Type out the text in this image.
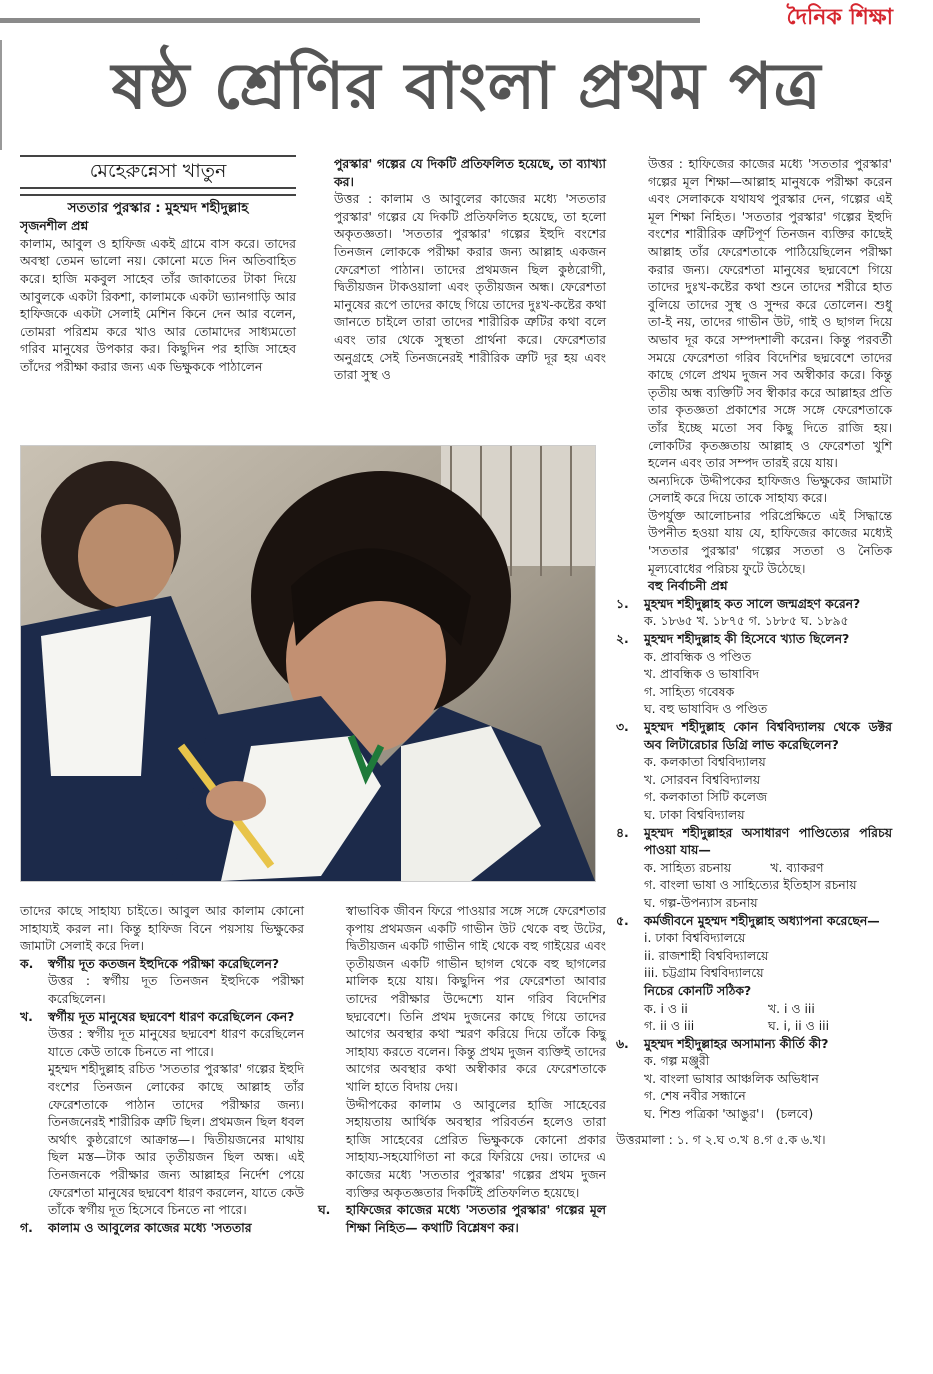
দৈনিক শিক্ষা
ষষ্ঠ শ্রেণির বাংলা প্রথম পত্র
মেহেরুন্নেসা খাতুন

সততার পুরস্কার : মুহম্মদ শহীদুল্লাহ

সৃজনশীল প্রশ্ন

কালাম, আবুল ও হাফিজ একই গ্রামে বাস করে। তাদের অবস্থা তেমন ভালো নয়। কোনো মতে দিন অতিবাহিত করে। হাজি মকবুল সাহেব তাঁর জাকাতের টাকা দিয়ে আবুলকে একটা রিকশা, কালামকে একটা ভ্যানগাড়ি আর হাফিজকে একটা সেলাই মেশিন কিনে দেন আর বলেন, তোমরা পরিশ্রম করে খাও আর তোমাদের সাধ্যমতো গরিব মানুষের উপকার কর। কিছুদিন পর হাজি সাহেব তাঁদের পরীক্ষা করার জন্য এক ভিক্ষুককে পাঠালেন

পুরস্কার' গল্পের যে দিকটি প্রতিফলিত হয়েছে, তা ব্যাখ্যা কর।

উত্তর : কালাম ও আবুলের কাজের মধ্যে 'সততার পুরস্কার' গল্পের যে দিকটি প্রতিফলিত হয়েছে, তা হলো অকৃতজ্ঞতা। 'সততার পুরস্কার' গল্পের ইহুদি বংশের তিনজন লোককে পরীক্ষা করার জন্য আল্লাহ একজন ফেরেশতা পাঠান। তাদের প্রথমজন ছিল কুষ্ঠরোগী, দ্বিতীয়জন টাকওয়ালা এবং তৃতীয়জন অন্ধ। ফেরেশতা মানুষের রূপে তাদের কাছে গিয়ে তাদের দুঃখ-কষ্টের কথা জানতে চাইলে তারা তাদের শারীরিক ত্রুটির কথা বলে এবং তার থেকে সুস্থতা প্রার্থনা করে। ফেরেশতার অনুগ্রহে সেই তিনজনেরই শারীরিক ত্রুটি দূর হয় এবং তারা সুস্থ ও

উত্তর : হাফিজের কাজের মধ্যে 'সততার পুরস্কার' গল্পের মূল শিক্ষা—আল্লাহ মানুষকে পরীক্ষা করেন এবং সেলাককে যথাযথ পুরস্কার দেন, গল্পের এই মূল শিক্ষা নিহিত। 'সততার পুরস্কার' গল্পের ইহুদি বংশের শারীরিক ত্রুটিপূর্ণ তিনজন ব্যক্তির কাছেই আল্লাহ তাঁর ফেরেশতাকে পাঠিয়েছিলেন পরীক্ষা করার জন্য। ফেরেশতা মানুষের ছদ্মবেশে গিয়ে তাদের দুঃখ-কষ্টের কথা শুনে তাদের শরীরে হাত বুলিয়ে তাদের সুস্থ ও সুন্দর করে তোলেন। শুধু তা-ই নয়, তাদের গাভীন উট, গাই ও ছাগল দিয়ে অভাব দূর করে সম্পদশালী করেন। কিন্তু পরবর্তী সময়ে ফেরেশতা গরিব বিদেশির ছদ্মবেশে তাদের কাছে গেলে প্রথম দুজন সব অস্বীকার করে। কিন্তু তৃতীয় অন্ধ ব্যক্তিটি সব স্বীকার করে আল্লাহর প্রতি তার কৃতজ্ঞতা প্রকাশের সঙ্গে সঙ্গে ফেরেশতাকে তাঁর ইচ্ছে মতো সব কিছু দিতে রাজি হয়। লোকটির কৃতজ্ঞতায় আল্লাহ ও ফেরেশতা খুশি হলেন এবং তার সম্পদ তারই রয়ে যায়।

অন্যদিকে উদ্দীপকের হাফিজও ভিক্ষুকের জামাটা সেলাই করে দিয়ে তাকে সাহায্য করে।

উপর্যুক্ত আলোচনার পরিপ্রেক্ষিতে এই সিদ্ধান্তে উপনীত হওয়া যায় যে, হাফিজের কাজের মধ্যেই 'সততার পুরস্কার' গল্পের সততা ও নৈতিক মূল্যবোধের পরিচয় ফুটে উঠেছে।

বহু নির্বাচনী প্রশ্ন

১.	মুহম্মদ শহীদুল্লাহ কত সালে জন্মগ্রহণ করেন?
ক. ১৮৬৫ খ. ১৮৭৫ গ. ১৮৮৫ ঘ. ১৮৯৫
২.	মুহম্মদ শহীদুল্লাহ কী হিসেবে খ্যাত ছিলেন?
ক. প্রাবন্ধিক ও পণ্ডিত
খ. প্রাবন্ধিক ও ভাষাবিদ
গ. সাহিত্য গবেষক
ঘ. বহু ভাষাবিদ ও পণ্ডিত
৩.	মুহম্মদ শহীদুল্লাহ কোন বিশ্ববিদ্যালয় থেকে ডক্টর অব লিটারেচার ডিগ্রি লাভ করেছিলেন?
ক. কলকাতা বিশ্ববিদ্যালয়
খ. সোরবন বিশ্ববিদ্যালয়
গ. কলকাতা সিটি কলেজ
ঘ. ঢাকা বিশ্ববিদ্যালয়
৪.	মুহম্মদ শহীদুল্লাহর অসাধারণ পাণ্ডিত্যের পরিচয় পাওয়া যায়—
ক. সাহিত্য রচনায়          খ. ব্যাকরণ
গ. বাংলা ভাষা ও সাহিত্যের ইতিহাস রচনায়
ঘ. গল্প-উপন্যাস রচনায়
৫.	কর্মজীবনে মুহম্মদ শহীদুল্লাহ অধ্যাপনা করেছেন—
i. ঢাকা বিশ্ববিদ্যালয়ে
ii. রাজশাহী বিশ্ববিদ্যালয়ে
iii. চট্টগ্রাম বিশ্ববিদ্যালয়ে
নিচের কোনটি সঠিক?
ক. i ও ii	খ. i ও iii
গ. ii ও iii	ঘ. i, ii ও iii
৬.	মুহম্মদ শহীদুল্লাহর অসামান্য কীর্তি কী?
ক. গল্প মঞ্জুরী
খ. বাংলা ভাষার আঞ্চলিক অভিধান
গ. শেষ নবীর সন্ধানে
ঘ. শিশু পত্রিকা 'আঙুর'।   (চলবে)
উত্তরমালা : ১. গ ২.ঘ ৩.খ ৪.গ ৫.ক ৬.খ।

তাদের কাছে সাহায্য চাইতে। আবুল আর কালাম কোনো সাহায্যই করল না। কিন্তু হাফিজ বিনে পয়সায় ভিক্ষুকের জামাটা সেলাই করে দিল।

ক.	স্বর্গীয় দূত কতজন ইহুদিকে পরীক্ষা করেছিলেন?

উত্তর : স্বর্গীয় দূত তিনজন ইহুদিকে পরীক্ষা করেছিলেন।

খ.	স্বর্গীয় দূত মানুষের ছদ্মবেশ ধারণ করেছিলেন কেন?

উত্তর : স্বর্গীয় দূত মানুষের ছদ্মবেশ ধারণ করেছিলেন যাতে কেউ তাকে চিনতে না পারে।

মুহম্মদ শহীদুল্লাহ রচিত 'সততার পুরস্কার' গল্পের ইহুদি বংশের তিনজন লোকের কাছে আল্লাহ তাঁর ফেরেশতাকে পাঠান তাদের পরীক্ষার জন্য। তিনজনেরই শারীরিক ত্রুটি ছিল। প্রথমজন ছিল ধবল অর্থাৎ কুষ্ঠরোগে আক্রান্ত—। দ্বিতীয়জনের মাথায় ছিল মস্ত—টাক আর তৃতীয়জন ছিল অন্ধ। এই তিনজনকে পরীক্ষার জন্য আল্লাহর নির্দেশ পেয়ে ফেরেশতা মানুষের ছদ্মবেশ ধারণ করলেন, যাতে কেউ তাঁকে স্বর্গীয় দূত হিসেবে চিনতে না পারে।

গ.	কালাম ও আবুলের কাজের মধ্যে 'সততার

স্বাভাবিক জীবন ফিরে পাওয়ার সঙ্গে সঙ্গে ফেরেশতার কৃপায় প্রথমজন একটি গাভীন উট থেকে বহু উটের, দ্বিতীয়জন একটি গাভীন গাই থেকে বহু গাইয়ের এবং তৃতীয়জন একটি গাভীন ছাগল থেকে বহু ছাগলের মালিক হয়ে যায়। কিছুদিন পর ফেরেশতা আবার তাদের পরীক্ষার উদ্দেশ্যে যান গরিব বিদেশির ছদ্মবেশে। তিনি প্রথম দুজনের কাছে গিয়ে তাদের আগের অবস্থার কথা স্মরণ করিয়ে দিয়ে তাঁকে কিছু সাহায্য করতে বলেন। কিন্তু প্রথম দুজন ব্যক্তিই তাদের আগের অবস্থার কথা অস্বীকার করে ফেরেশতাকে খালি হাতে বিদায় দেয়।

উদ্দীপকের কালাম ও আবুলের হাজি সাহেবের সহায়তায় আর্থিক অবস্থার পরিবর্তন হলেও তারা হাজি সাহেবের প্রেরিত ভিক্ষুককে কোনো প্রকার সাহায্য-সহযোগিতা না করে ফিরিয়ে দেয়। তাদের এ কাজের মধ্যে 'সততার পুরস্কার' গল্পের প্রথম দুজন ব্যক্তির অকৃতজ্ঞতার দিকটিই প্রতিফলিত হয়েছে।

ঘ.	হাফিজের কাজের মধ্যে 'সততার পুরস্কার' গল্পের মূল শিক্ষা নিহিত— কথাটি বিশ্লেষণ কর।
